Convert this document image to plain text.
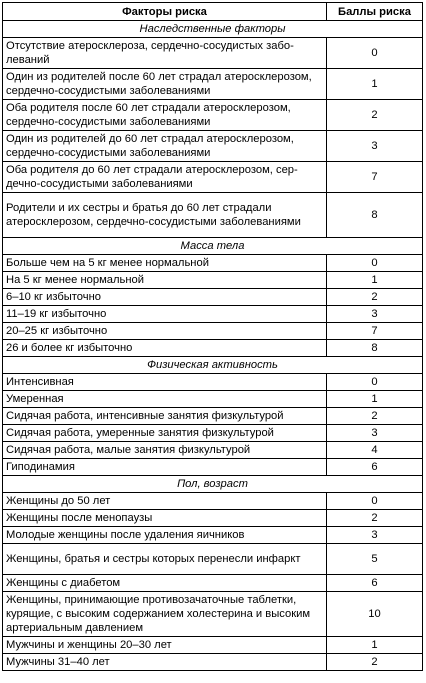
Факторы риска	Баллы риска
Наследственные факторы	
Отсутствие атеросклероза, сердечно-сосудистых заболеваний	0
Один из родителей после 60 лет страдал атеросклерозом, сердечно-сосудистыми заболеваниями	1
Оба родителя после 60 лет страдали атеросклерозом, сердечно-сосудистыми заболеваниями	2
Один из родителей до 60 лет страдал атеросклерозом, сердечно-сосудистыми заболеваниями	3
Оба родителя до 60 лет страдали атеросклерозом, сердечно-сосудистыми заболеваниями	7
Родители и их сестры и братья до 60 лет страдали атеросклерозом, сердечно-сосудистыми заболеваниями	8
Масса тела	
Больше чем на 5 кг менее нормальной	0
На 5 кг менее нормальной	1
6–10 кг избыточно	2
11–19 кг избыточно	3
20–25 кг избыточно	7
26 и более кг избыточно	8
Физическая активность	
Интенсивная	0
Умеренная	1
Сидячая работа, интенсивные занятия физкультурой	2
Сидячая работа, умеренные занятия физкультурой	3
Сидячая работа, малые занятия физкультурой	4
Гиподинамия	6
Пол, возраст	
Женщины до 50 лет	0
Женщины после менопаузы	2
Молодые женщины после удаления яичников	3
Женщины, братья и сестры которых перенесли инфаркт	5
Женщины с диабетом	6
Женщины, принимающие противозачаточные таблетки, курящие, с высоким содержанием холестерина и высоким артериальным давлением	10
Мужчины и женщины 20–30 лет	1
Мужчины 31–40 лет	2
